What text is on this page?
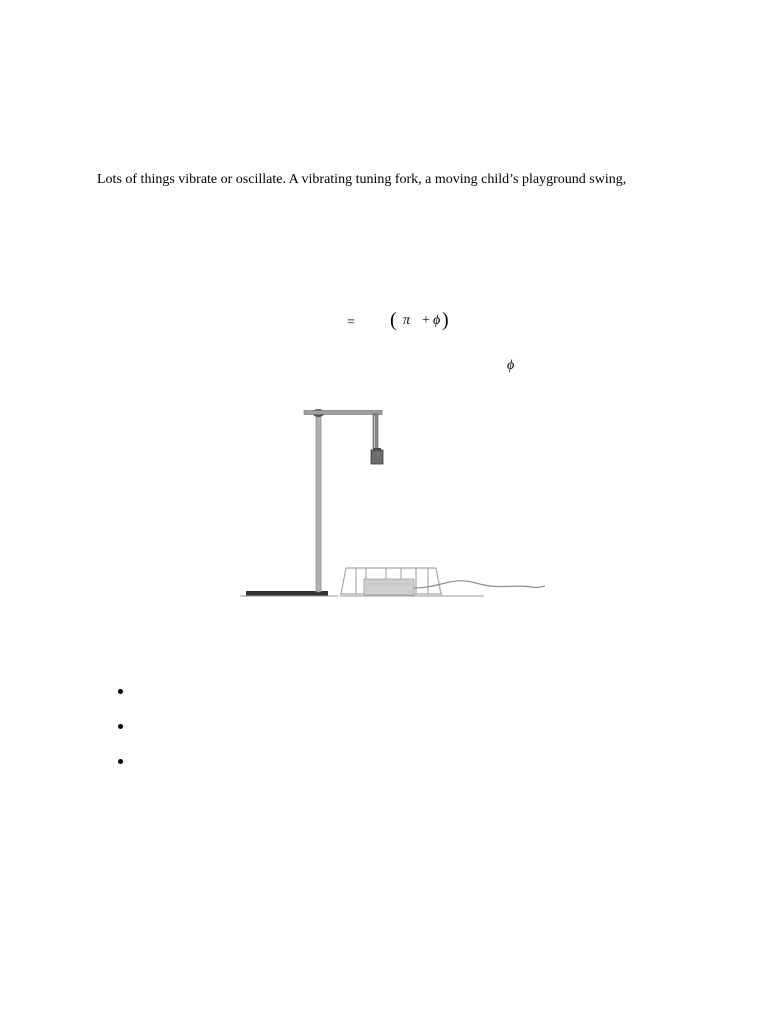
Lots of things vibrate or oscillate. A vibrating tuning fork, a moving child’s playground swing,
= ( π + ϕ )
ϕ
